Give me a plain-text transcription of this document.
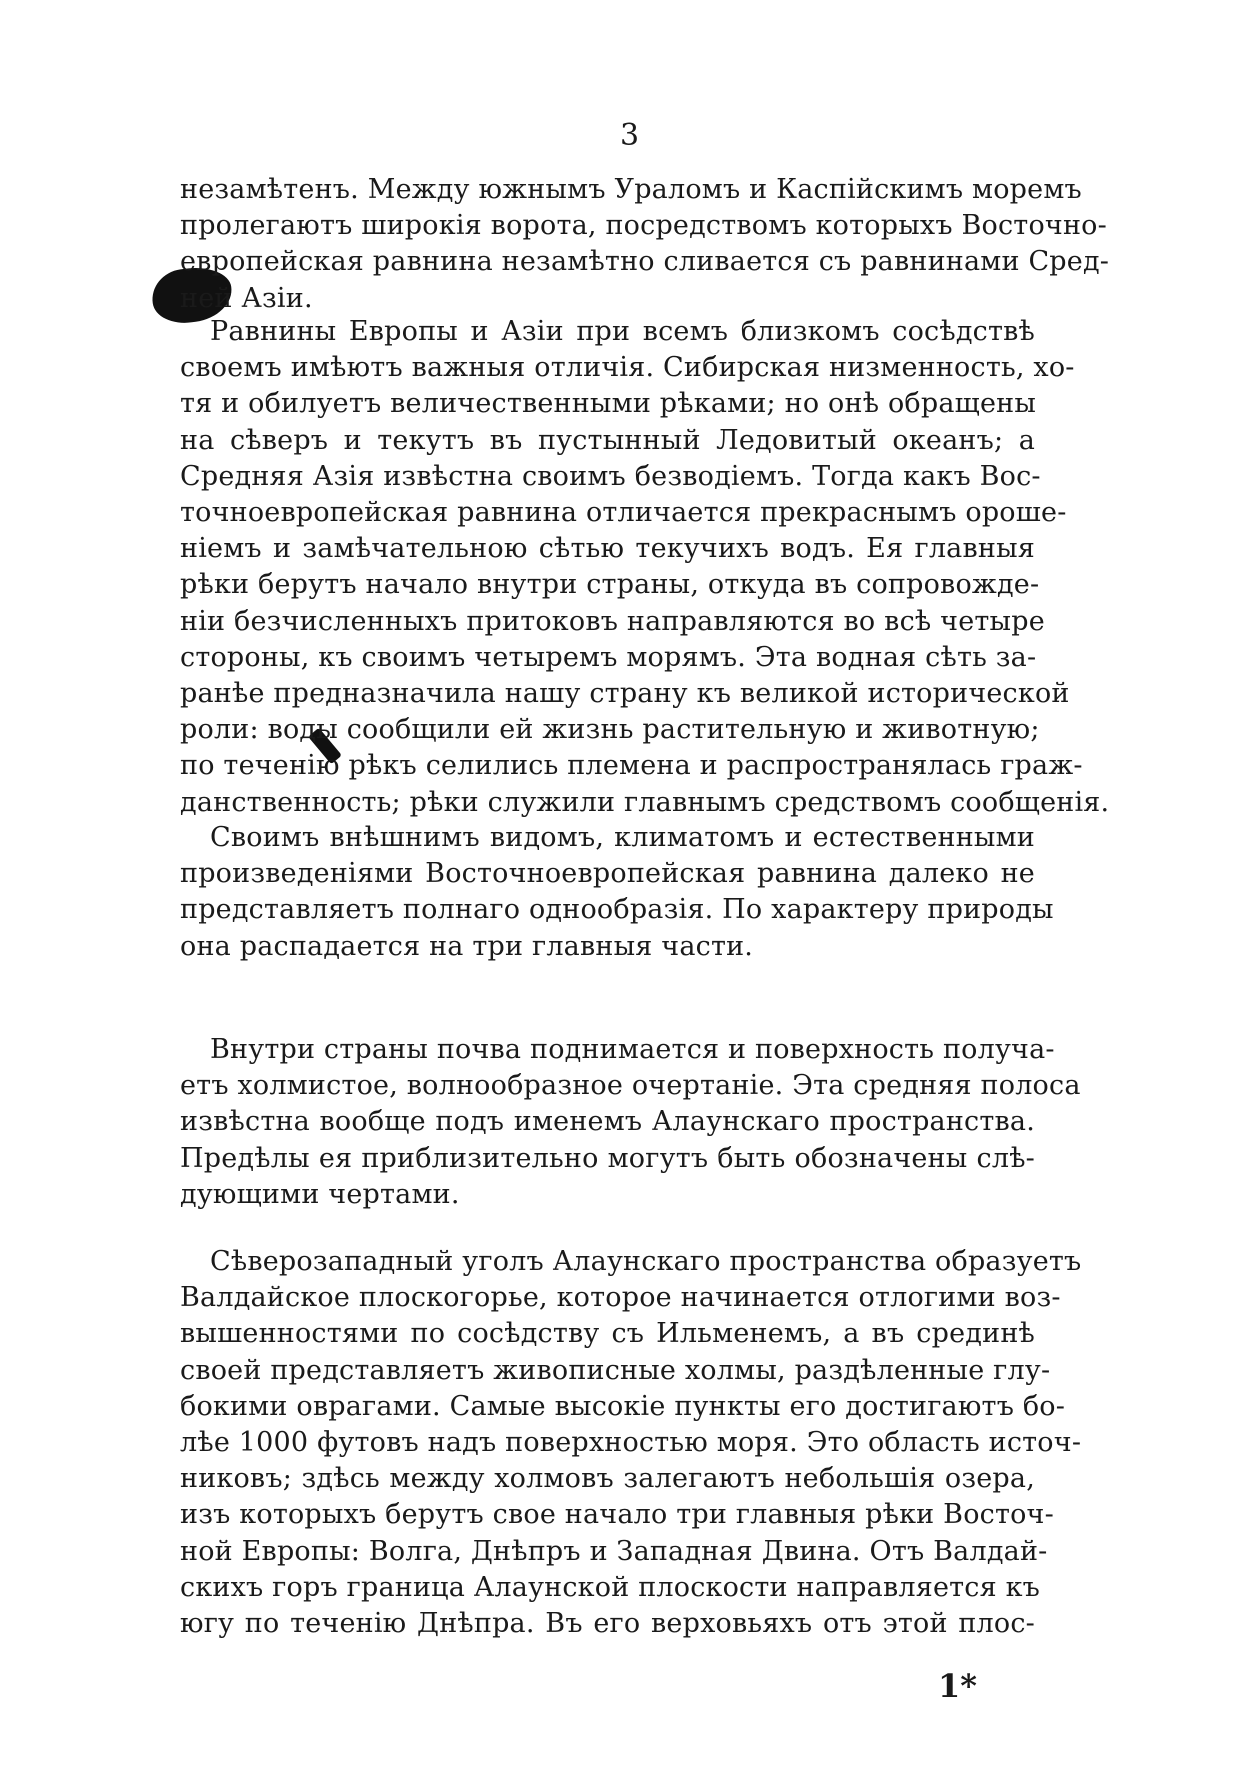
3
незамѣтенъ. Между южнымъ Ураломъ и Каспійскимъ моремъ
пролегаютъ широкія ворота, посредствомъ которыхъ Восточно-
европейская равнина незамѣтно сливается съ равнинами Сред-
ней Азіи.
Равнины Европы и Азіи при всемъ близкомъ сосѣдствѣ
своемъ имѣютъ важныя отличія. Сибирская низменность, хо-
тя и обилуетъ величественными рѣками; но онѣ обращены
на сѣверъ и текутъ въ пустынный Ледовитый океанъ; а
Средняя Азія извѣстна своимъ безводіемъ. Тогда какъ Вос-
точноевропейская равнина отличается прекраснымъ ороше-
ніемъ и замѣчательною сѣтью текучихъ водъ. Ея главныя
рѣки берутъ начало внутри страны, откуда въ сопровожде-
ніи безчисленныхъ притоковъ направляются во всѣ четыре
стороны, къ своимъ четыремъ морямъ. Эта водная сѣть за-
ранѣе предназначила нашу страну къ великой исторической
роли: воды сообщили ей жизнь растительную и животную;
по теченію рѣкъ селились племена и распространялась граж-
данственность; рѣки служили главнымъ средствомъ сообщенія.
Своимъ внѣшнимъ видомъ, климатомъ и естественными
произведеніями Восточноевропейская равнина далеко не
представляетъ полнаго однообразія. По характеру природы
она распадается на три главныя части.
Внутри страны почва поднимается и поверхность получа-
етъ холмистое, волнообразное очертаніе. Эта средняя полоса
извѣстна вообще подъ именемъ Алаунскаго пространства.
Предѣлы ея приблизительно могутъ быть обозначены слѣ-
дующими чертами.
Сѣверозападный уголъ Алаунскаго пространства образуетъ
Валдайское плоскогорье, которое начинается отлогими воз-
вышенностями по сосѣдству съ Ильменемъ, а въ срединѣ
своей представляетъ живописные холмы, раздѣленные глу-
бокими оврагами. Самые высокіе пункты его достигаютъ бо-
лѣе 1000 футовъ надъ поверхностью моря. Это область источ-
никовъ; здѣсь между холмовъ залегаютъ небольшія озера,
изъ которыхъ берутъ свое начало три главныя рѣки Восточ-
ной Европы: Волга, Днѣпръ и Западная Двина. Отъ Валдай-
скихъ горъ граница Алаунской плоскости направляется къ
югу по теченію Днѣпра. Въ его верховьяхъ отъ этой плос-
1*
